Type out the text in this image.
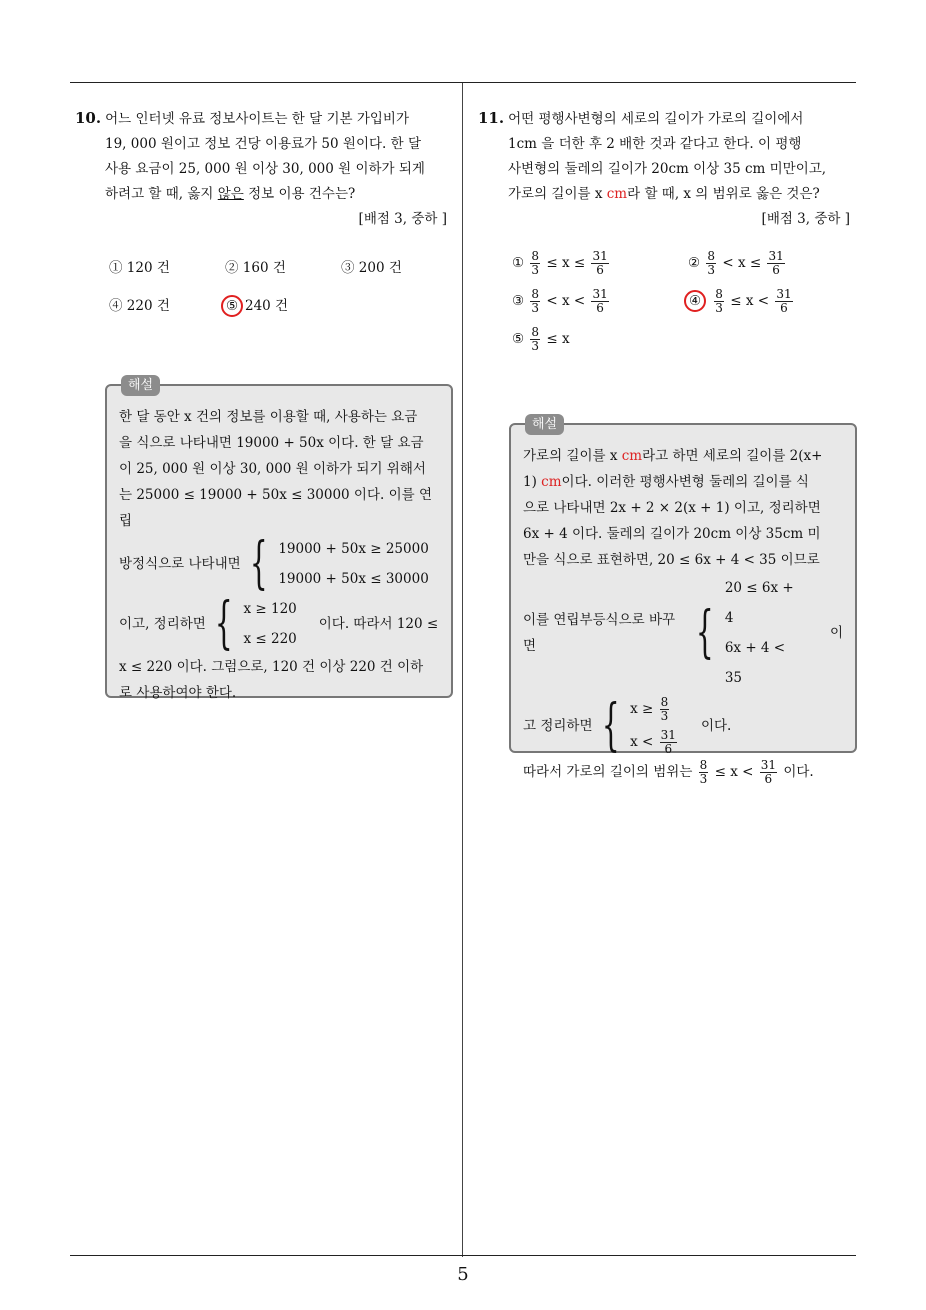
10. 어느 인터넷 유료 정보사이트는 한 달 기본 가입비가
19, 000 원이고 정보 건당 이용료가 50 원이다. 한 달
사용 요금이 25, 000 원 이상 30, 000 원 이하가 되게
하려고 할 때, 옳지 않은 정보 이용 건수는?
[배점 3, 중하 ]
① 120 건	② 160 건	③ 200 건
④ 220 건	⑤ 240 건
해설
한 달 동안 x 건의 정보를 이용할 때, 사용하는 요금
을 식으로 나타내면 19000 + 50x 이다. 한 달 요금
이 25, 000 원 이상 30, 000 원 이하가 되기 위해서
는 25000 ≤ 19000 + 50x ≤ 30000 이다. 이를 연립
방정식으로 나타내면 { 19000 + 50x ≥ 25000
19000 + 50x ≤ 30000
이고, 정리하면 { x ≥ 120
x ≤ 220
이다. 따라서 120 ≤
x ≤ 220 이다. 그럼으로, 120 건 이상 220 건 이하
로 사용하여야 한다.
11. 어떤 평행사변형의 세로의 길이가 가로의 길이에서
1cm 을 더한 후 2 배한 것과 같다고 한다. 이 평행
사변형의 둘레의 길이가 20cm 이상 35 cm 미만이고,
가로의 길이를 x cm라 할 때, x 의 범위로 옳은 것은?
[배점 3, 중하 ]
① $\frac{8}{3} \le x \le \frac{31}{6}$	② $\frac{8}{3} < x \le \frac{31}{6}$
③ $\frac{8}{3} < x < \frac{31}{6}$	④ $\frac{8}{3} \le x < \frac{31}{6}$
⑤ $\frac{8}{3} \le x$
해설
가로의 길이를 x cm라고 하면 세로의 길이를 2(x+
1) cm이다. 이러한 평행사변형 둘레의 길이를 식
으로 나타내면 2x + 2 × 2(x + 1) 이고, 정리하면
6x + 4 이다. 둘레의 길이가 20cm 이상 35cm 미
만을 식으로 표현하면, 20 ≤ 6x + 4 < 35 이므로
이를 연립부등식으로 바꾸면	{
20 ≤ 6x + 4
6x + 4 < 35
이
고 정리하면 { $x \ge \frac{8}{3}$
$x < \frac{31}{6}$
이다.
따라서 가로의 길이의 범위는 $\frac{8}{3} \le x < \frac{31}{6}$ 이다.
5
